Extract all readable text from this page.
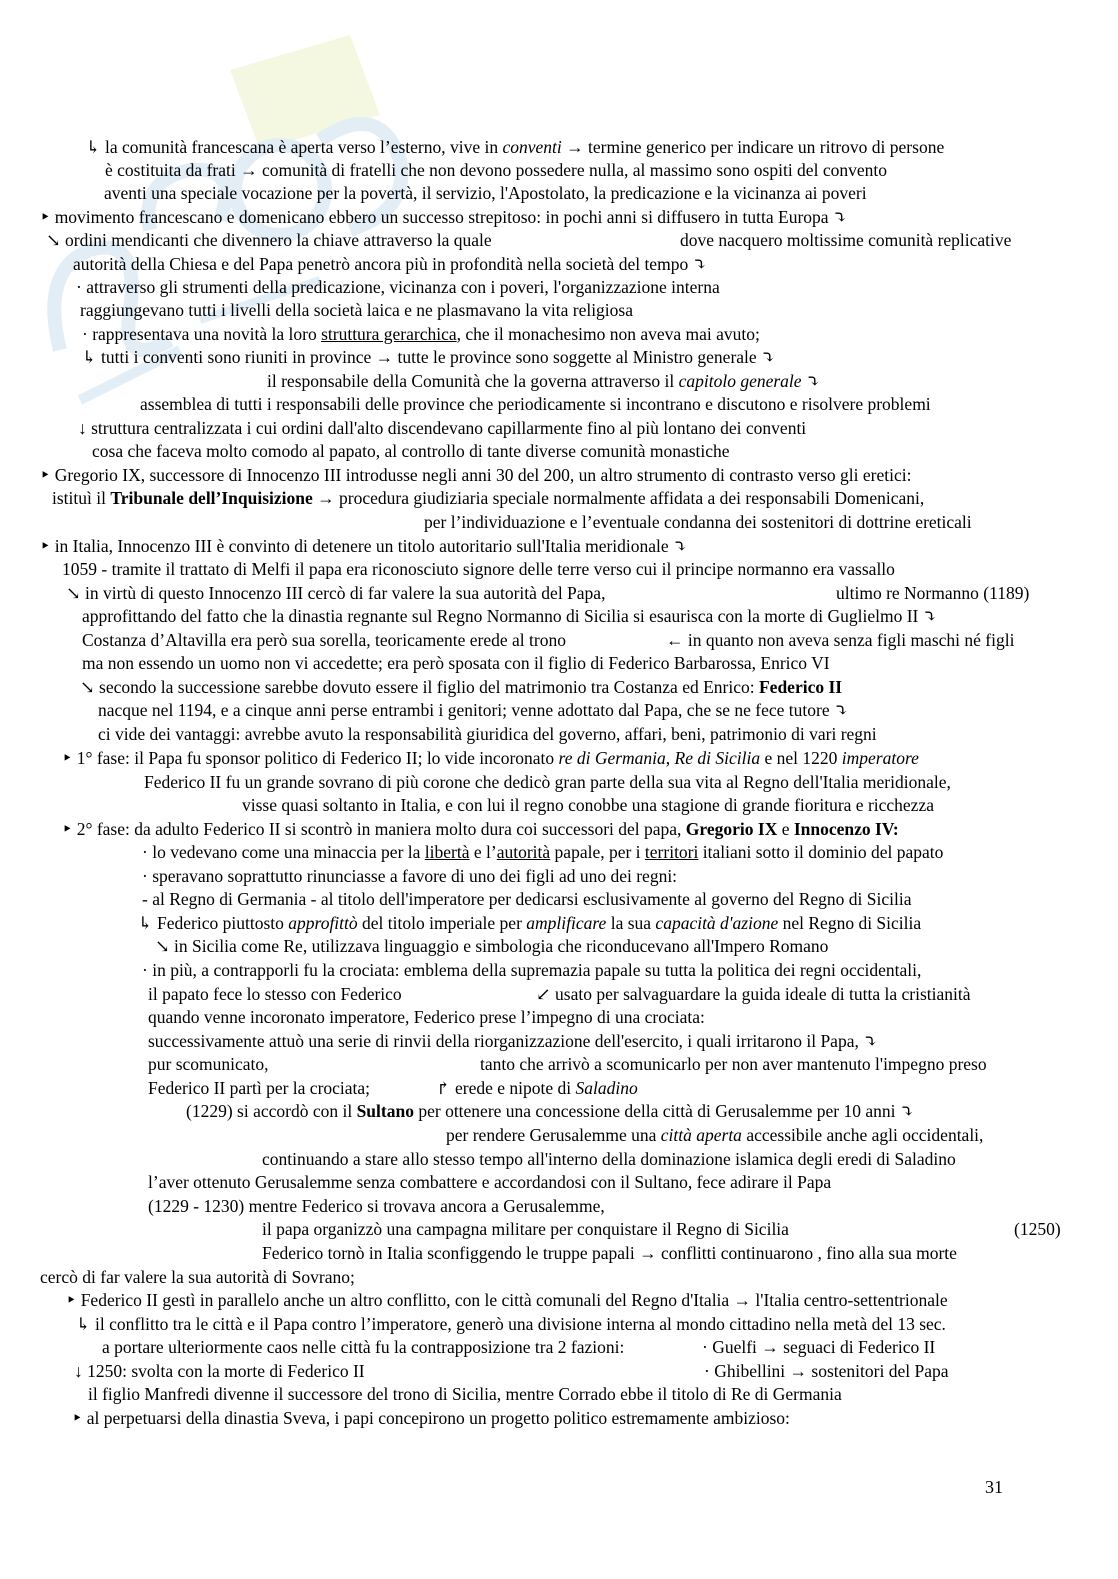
↳ la comunità francescana è aperta verso l’esterno, vive in conventi → termine generico per indicare un ritrovo di persone
è costituita da frati → comunità di fratelli che non devono possedere nulla, al massimo sono ospiti del convento
aventi una speciale vocazione per la povertà, il servizio, l'Apostolato, la predicazione e la vicinanza ai poveri
‣ movimento francescano e domenicano ebbero un successo strepitoso: in pochi anni si diffusero in tutta Europa ⤵
↘ ordini mendicanti che divennero la chiave attraverso la quale	dove nacquero moltissime comunità replicative
autorità della Chiesa e del Papa penetrò ancora più in profondità nella società del tempo ⤵
· attraverso gli strumenti della predicazione, vicinanza con i poveri, l'organizzazione interna
raggiungevano tutti i livelli della società laica e ne plasmavano la vita religiosa
· rappresentava una novità la loro struttura gerarchica, che il monachesimo non aveva mai avuto;
↳ tutti i conventi sono riuniti in province → tutte le province sono soggette al Ministro generale ⤵
il responsabile della Comunità che la governa attraverso il capitolo generale ⤵
assemblea di tutti i responsabili delle province che periodicamente si incontrano e discutono e risolvere problemi
↓ struttura centralizzata i cui ordini dall'alto discendevano capillarmente fino al più lontano dei conventi
cosa che faceva molto comodo al papato, al controllo di tante diverse comunità monastiche
‣ Gregorio IX, successore di Innocenzo III introdusse negli anni 30 del 200, un altro strumento di contrasto verso gli eretici:
istituì il Tribunale dell’Inquisizione → procedura giudiziaria speciale normalmente affidata a dei responsabili Domenicani,
per l’individuazione e l’eventuale condanna dei sostenitori di dottrine ereticali
‣ in Italia, Innocenzo III è convinto di detenere un titolo autoritario sull'Italia meridionale ⤵
1059 - tramite il trattato di Melfi il papa era riconosciuto signore delle terre verso cui il principe normanno era vassallo
↘ in virtù di questo Innocenzo III cercò di far valere la sua autorità del Papa,	ultimo re Normanno (1189)
approfittando del fatto che la dinastia regnante sul Regno Normanno di Sicilia si esaurisca con la morte di Guglielmo II ⤵
Costanza d’Altavilla era però sua sorella, teoricamente erede al trono	← in quanto non aveva senza figli maschi né figli
ma non essendo un uomo non vi accedette; era però sposata con il figlio di Federico Barbarossa, Enrico VI
↘ secondo la successione sarebbe dovuto essere il figlio del matrimonio tra Costanza ed Enrico: Federico II
nacque nel 1194, e a cinque anni perse entrambi i genitori; venne adottato dal Papa, che se ne fece tutore ⤵
ci vide dei vantaggi: avrebbe avuto la responsabilità giuridica del governo, affari, beni, patrimonio di vari regni
‣ 1° fase: il Papa fu sponsor politico di Federico II; lo vide incoronato re di Germania, Re di Sicilia e nel 1220 imperatore
Federico II fu un grande sovrano di più corone che dedicò gran parte della sua vita al Regno dell'Italia meridionale,
visse quasi soltanto in Italia, e con lui il regno conobbe una stagione di grande fioritura e ricchezza
‣ 2° fase: da adulto Federico II si scontrò in maniera molto dura coi successori del papa, Gregorio IX e Innocenzo IV:
· lo vedevano come una minaccia per la libertà e l’autorità papale, per i territori italiani sotto il dominio del papato
· speravano soprattutto rinunciasse a favore di uno dei figli ad uno dei regni:
- al Regno di Germania - al titolo dell'imperatore per dedicarsi esclusivamente al governo del Regno di Sicilia
↳ Federico piuttosto approfittò del titolo imperiale per amplificare la sua capacità d'azione nel Regno di Sicilia
↘ in Sicilia come Re, utilizzava linguaggio e simbologia che riconducevano all'Impero Romano
· in più, a contrapporli fu la crociata: emblema della supremazia papale su tutta la politica dei regni occidentali,
il papato fece lo stesso con Federico	↙ usato per salvaguardare la guida ideale di tutta la cristianità
quando venne incoronato imperatore, Federico prese l’impegno di una crociata:
successivamente attuò una serie di rinvii della riorganizzazione dell'esercito, i quali irritarono il Papa, ⤵
pur scomunicato,	tanto che arrivò a scomunicarlo per non aver mantenuto l'impegno preso
Federico II partì per la crociata;	↱ erede e nipote di Saladino
(1229) si accordò con il Sultano per ottenere una concessione della città di Gerusalemme per 10 anni ⤵
per rendere Gerusalemme una città aperta accessibile anche agli occidentali,
continuando a stare allo stesso tempo all'interno della dominazione islamica degli eredi di Saladino
l’aver ottenuto Gerusalemme senza combattere e accordandosi con il Sultano, fece adirare il Papa
(1229 - 1230) mentre Federico si trovava ancora a Gerusalemme,
il papa organizzò una campagna militare per conquistare il Regno di Sicilia	(1250)
Federico tornò in Italia sconfiggendo le truppe papali → conflitti continuarono , fino alla sua morte
cercò di far valere la sua autorità di Sovrano;
‣ Federico II gestì in parallelo anche un altro conflitto, con le città comunali del Regno d'Italia → l'Italia centro-settentrionale
↳ il conflitto tra le città e il Papa contro l’imperatore, generò una divisione interna al mondo cittadino nella metà del 13 sec.
a portare ulteriormente caos nelle città fu la contrapposizione tra 2 fazioni:	· Guelfi → seguaci di Federico II
↓ 1250: svolta con la morte di Federico II	· Ghibellini → sostenitori del Papa
il figlio Manfredi divenne il successore del trono di Sicilia, mentre Corrado ebbe il titolo di Re di Germania
‣ al perpetuarsi della dinastia Sveva, i papi concepirono un progetto politico estremamente ambizioso:
31
